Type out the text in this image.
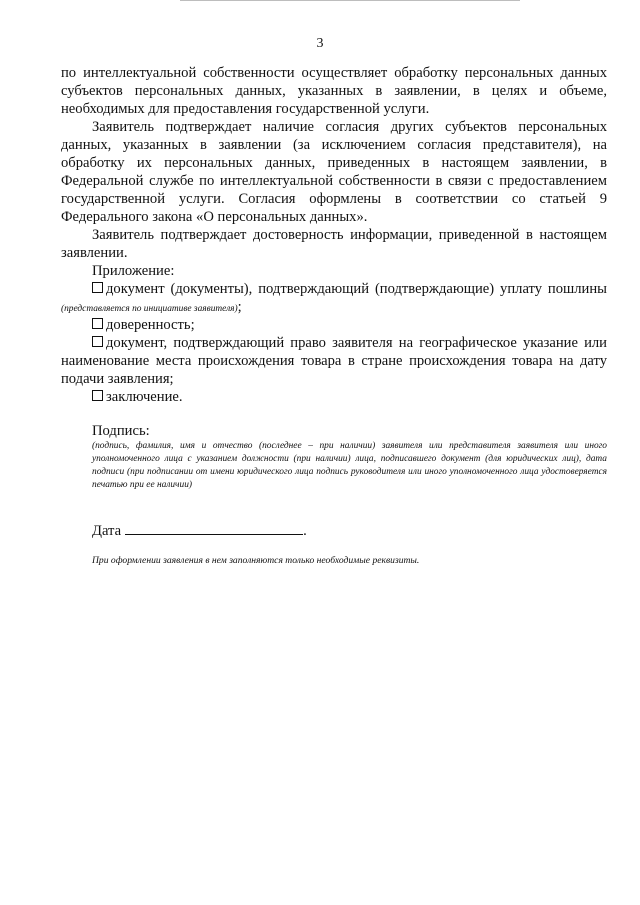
3

по интеллектуальной собственности осуществляет обработку персональных данных субъектов персональных данных, указанных в заявлении, в целях и объеме, необходимых для предоставления государственной услуги.

Заявитель подтверждает наличие согласия других субъектов персональных данных, указанных в заявлении (за исключением согласия представителя), на обработку их персональных данных, приведенных в настоящем заявлении, в Федеральной службе по интеллектуальной собственности в связи с предоставлением государственной услуги. Согласия оформлены в соответствии со статьей 9 Федерального закона «О персональных данных».

Заявитель подтверждает достоверность информации, приведенной в настоящем заявлении.

Приложение:

документ (документы), подтверждающий (подтверждающие) уплату пошлины (представляется по инициативе заявителя);

доверенность;

документ, подтверждающий право заявителя на географическое указание или наименование места происхождения товара в стране происхождения товара на дату подачи заявления;

заключение.

Подпись:

(подпись, фамилия, имя и отчество (последнее – при наличии) заявителя или представителя заявителя или иного уполномоченного лица с указанием должности (при наличии) лица, подписавшего документ (для юридических лиц), дата подписи (при подписании от имени юридического лица подпись руководителя или иного уполномоченного лица удостоверяется печатью при ее наличии)

Дата	.

При оформлении заявления в нем заполняются только необходимые реквизиты.
